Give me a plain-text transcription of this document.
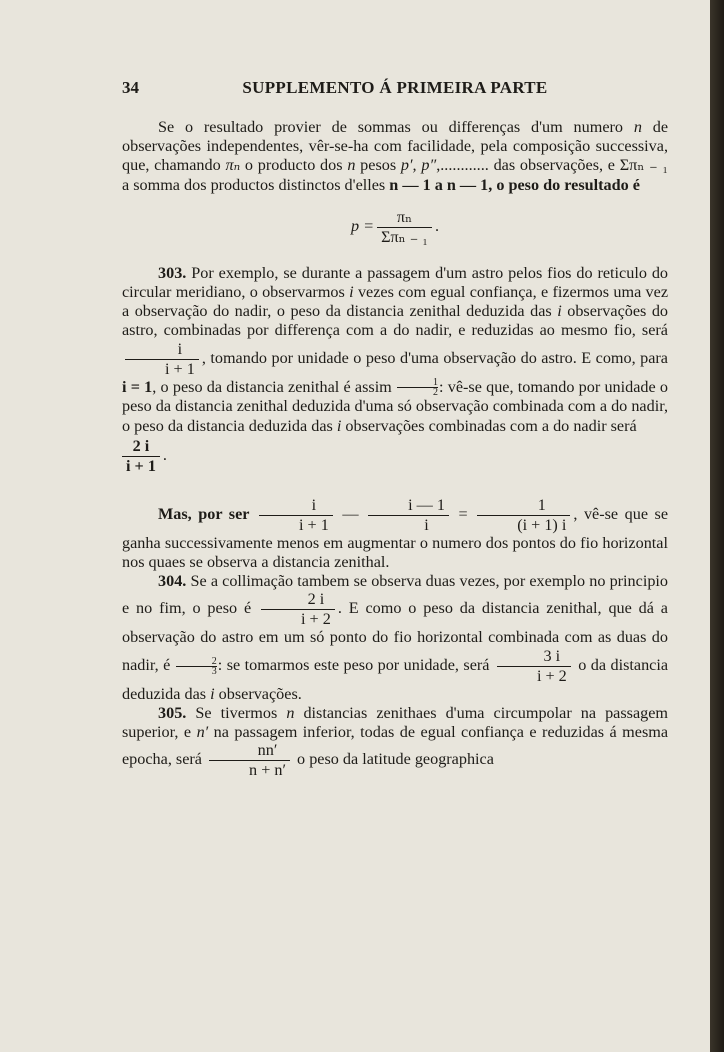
34	SUPPLEMENTO Á PRIMEIRA PARTE

Se o resultado provier de sommas ou differenças d'um numero n de observações independentes, vêr-se-ha com facilidade, pela composição successiva, que, chamando πₙ o producto dos n pesos p′, p″,............ das observações, e Σπₙ ₋ ₁ a somma dos productos distinctos d'elles n — 1 a n — 1, o peso do resultado é

$p = \frac{\text{πₙ}}{\text{Σπₙ ₋ ₁}}$ .

303. Por exemplo, se durante a passagem d'um astro pelos fios do reticulo do circular meridiano, o observarmos i vezes com egual confiança, e fizermos uma vez a observação do nadir, o peso da distancia zenithal deduzida das i observações do astro, combinadas por differença com a do nadir, e reduzidas ao mesmo fio, será
$\frac{i}{i + 1}$ , tomando por unidade o peso d'uma observação do astro. E como, para i = 1, o peso da distancia zenithal é assim $\frac{1}{2}$ : vê-se que, tomando por unidade o peso da distancia zenithal deduzida d'uma só observação combinada com a do nadir, o peso da distancia deduzida das i observações combinadas com a do nadir será

$\frac{2 i}{i + 1}$ .

Mas, por ser $\frac{i}{i + 1}$ — $\frac{i — 1}{i} = \frac{1}{(i + 1) i}$ , vê-se que se ganha successivamente menos em augmentar o numero dos pontos do fio horizontal nos quaes se observa a distancia zenithal.

304. Se a collimação tambem se observa duas vezes, por exemplo no principio e no fim, o peso é $\frac{2 i}{i + 2}$ . E como o peso da distancia zenithal, que dá a observação do astro em um só ponto do fio horizontal combinada com as duas do nadir, é $\frac{2}{3}$ : se tomarmos este peso por unidade, será $\frac{3 i}{i + 2}$ o da distancia deduzida das i observações.

305. Se tivermos n distancias zenithaes d'uma circumpolar na passagem superior, e n′ na passagem inferior, todas de egual confiança e reduzidas á mesma epocha, será $\frac{nn'}{n + n'}$ o peso da latitude geographica
